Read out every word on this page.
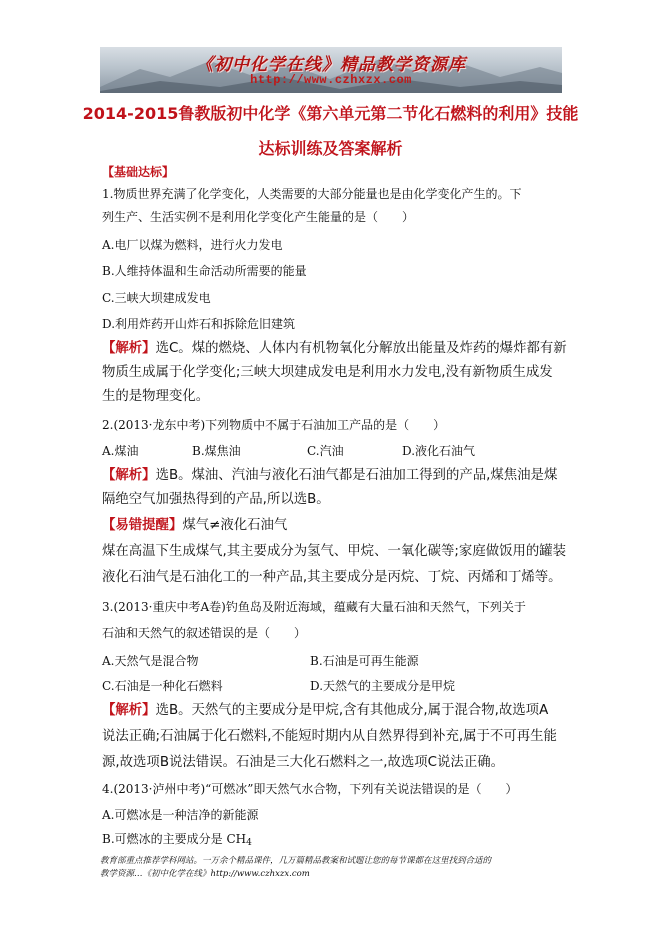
《初中化学在线》精品教学资源库
http://www.czhxzx.com
2014-2015鲁教版初中化学《第六单元第二节化石燃料的利用》技能
达标训练及答案解析
【基础达标】
1.物质世界充满了化学变化，人类需要的大部分能量也是由化学变化产生的。下
列生产、生活实例不是利用化学变化产生能量的是（　　）
A.电厂以煤为燃料，进行火力发电
B.人维持体温和生命活动所需要的能量
C.三峡大坝建成发电
D.利用炸药开山炸石和拆除危旧建筑
【解析】选C。煤的燃烧、人体内有机物氧化分解放出能量及炸药的爆炸都有新
物质生成属于化学变化;三峡大坝建成发电是利用水力发电,没有新物质生成发
生的是物理变化。
2.(2013·龙东中考)下列物质中不属于石油加工产品的是（　　）
A.煤油	B.煤焦油	C.汽油	D.液化石油气
【解析】选B。煤油、汽油与液化石油气都是石油加工得到的产品,煤焦油是煤
隔绝空气加强热得到的产品,所以选B。
【易错提醒】煤气≠液化石油气
煤在高温下生成煤气,其主要成分为氢气、甲烷、一氧化碳等;家庭做饭用的罐装
液化石油气是石油化工的一种产品,其主要成分是丙烷、丁烷、丙烯和丁烯等。
3.(2013·重庆中考A卷)钓鱼岛及附近海域，蕴藏有大量石油和天然气，下列关于
石油和天然气的叙述错误的是（　　）
A.天然气是混合物	B.石油是可再生能源
C.石油是一种化石燃料	D.天然气的主要成分是甲烷
【解析】选B。天然气的主要成分是甲烷,含有其他成分,属于混合物,故选项A
说法正确;石油属于化石燃料,不能短时期内从自然界得到补充,属于不可再生能
源,故选项B说法错误。石油是三大化石燃料之一,故选项C说法正确。
4.(2013·泸州中考)“可燃冰”即天然气水合物，下列有关说法错误的是（　　）
A.可燃冰是一种洁净的新能源
B.可燃冰的主要成分是 $CH_4$
教育部重点推荐学科网站。一万余个精品课件，几万篇精品教案和试题让您的每节课都在这里找到合适的
教学资源…《初中化学在线》http://www.czhxzx.com
